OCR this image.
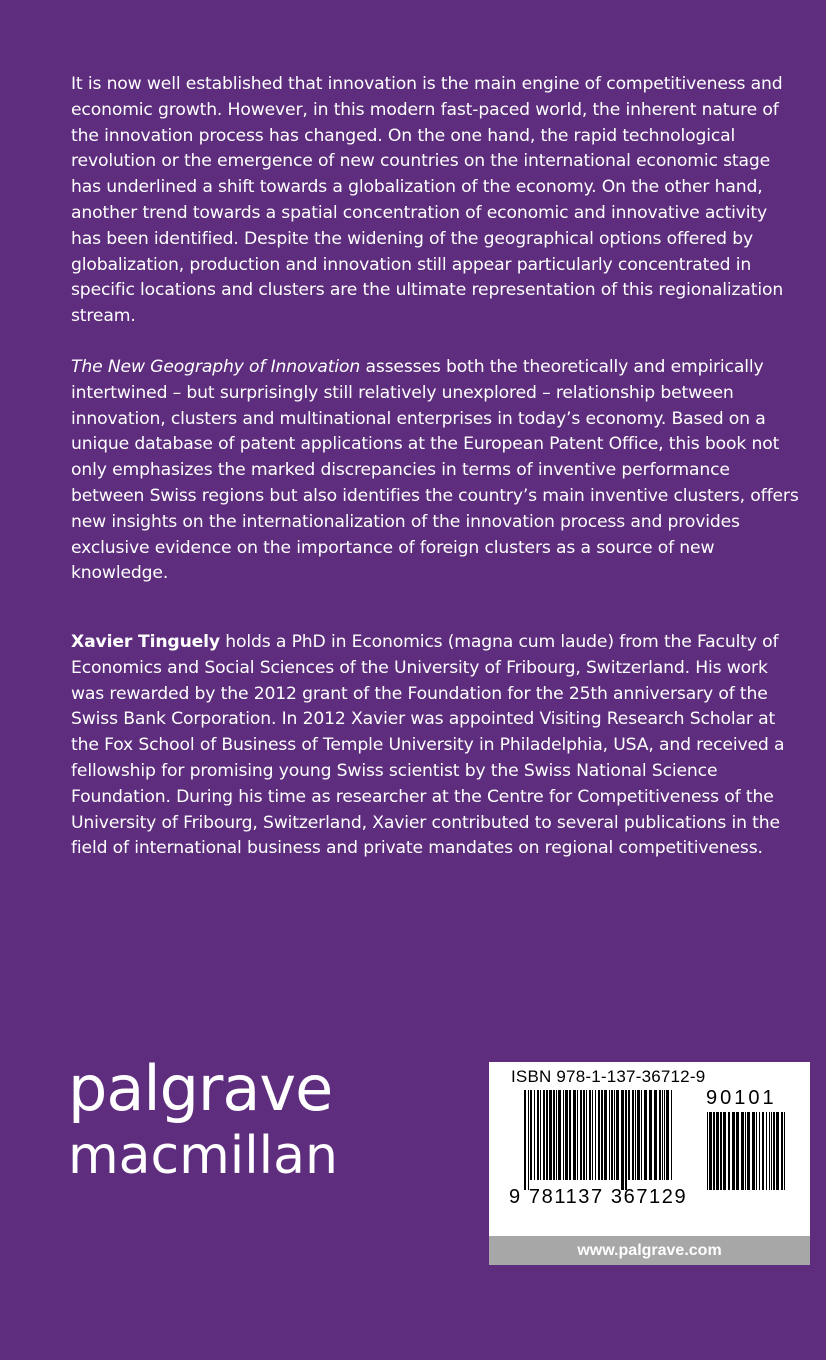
It is now well established that innovation is the main engine of competitiveness and economic growth. However, in this modern fast-paced world, the inherent nature of the innovation process has changed. On the one hand, the rapid technological revolution or the emergence of new countries on the international economic stage has underlined a shift towards a globalization of the economy. On the other hand, another trend towards a spatial concentration of economic and innovative activity has been identified. Despite the widening of the geographical options offered by globalization, production and innovation still appear particularly concentrated in specific locations and clusters are the ultimate representation of this regionalization stream.

The New Geography of Innovation assesses both the theoretically and empirically intertwined – but surprisingly still relatively unexplored – relationship between innovation, clusters and multinational enterprises in today’s economy. Based on a unique database of patent applications at the European Patent Office, this book not only emphasizes the marked discrepancies in terms of inventive performance between Swiss regions but also identifies the country’s main inventive clusters, offers new insights on the internationalization of the innovation process and provides exclusive evidence on the importance of foreign clusters as a source of new knowledge.

Xavier Tinguely holds a PhD in Economics (magna cum laude) from the Faculty of Economics and Social Sciences of the University of Fribourg, Switzerland. His work was rewarded by the 2012 grant of the Foundation for the 25th anniversary of the Swiss Bank Corporation. In 2012 Xavier was appointed Visiting Research Scholar at the Fox School of Business of Temple University in Philadelphia, USA, and received a fellowship for promising young Swiss scientist by the Swiss National Science Foundation. During his time as researcher at the Centre for Competitiveness of the University of Fribourg, Switzerland, Xavier contributed to several publications in the field of international business and private mandates on regional competitiveness.

palgrave
macmillan
ISBN 978-1-137-36712-9
90101
9 781137 367129
www.palgrave.com
